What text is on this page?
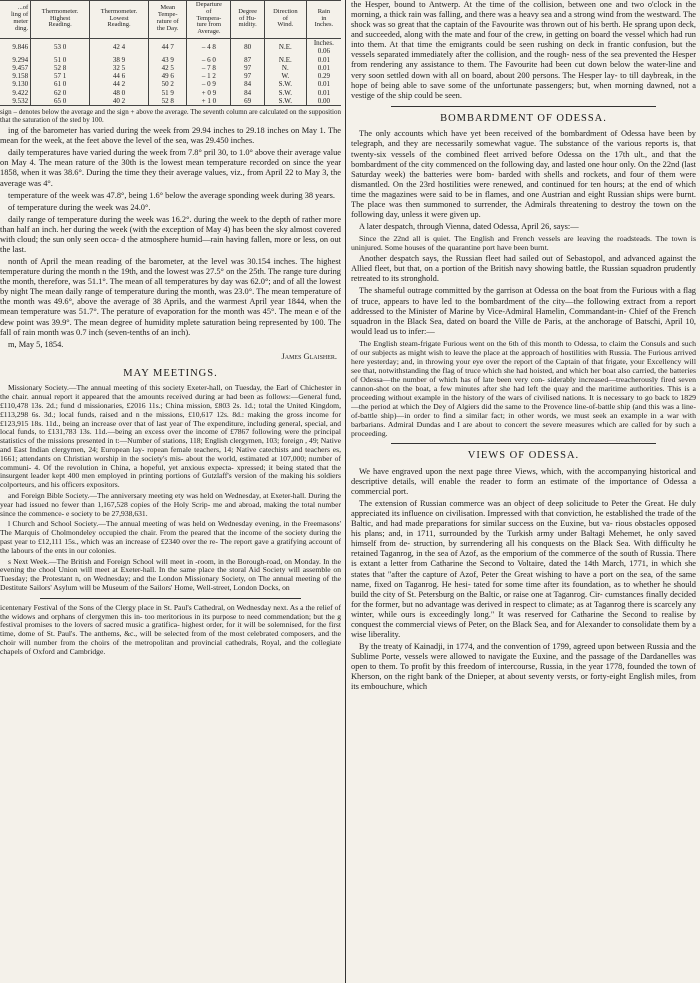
...of
ling of
meter
ding.	Thermometer.
Highest
Reading.	Thermometer.
Lowest
Reading.	Mean
Tempe-
rature of
the Day.	Departure
of
Tempera-
ture from
Average.	Degree
of Hu-
midity.	Direction
of
Wind.	Rain
in
Inches.
9.846	53 0	42 4	44 7	– 4 8	80	N.E.	Inches.
0.06
9.294	51 0	38 9	43 9	– 6 0	87	N.E.	0.01
9.457	52 8	32 5	42 5	– 7 8	97	N.	0.01
9.158	57 1	44 6	49 6	– 1 2	97	W.	0.29
9.130	61 0	44 2	50 2	– 0 9	84	S.W.	0.01
9.422	62 0	48 0	51 9	+ 0 9	84	S.W.	0.01
9.532	65 0	40 2	52 8	+ 1 0	69	S.W.	0.00

sign – denotes below the average and the sign + above the average. The seventh column are calculated on the supposition that the saturation of the sted by 100.

ing of the barometer has varied during the week from 29.94 inches to 29.18 inches on May 1. The mean for the week, at the feet above the level of the sea, was 29.450 inches.

daily temperatures have varied during the week from 7.8° pril 30, to 1.0° above their average value on May 4. The mean rature of the 30th is the lowest mean temperature recorded on since the year 1858, when it was 38.6°. During the time they their average values, viz., from April 22 to May 3, the average was 4°.

temperature of the week was 47.8°, being 1.6° below the average sponding week during 38 years.

of temperature during the week was 24.0°.

daily range of temperature during the week was 16.2°. during the week to the depth of rather more than half an inch. her during the week (with the exception of May 4) has been the sky almost covered with cloud; the sun only seen occa- d the atmosphere humid—rain having fallen, more or less, on out the last.

nonth of April the mean reading of the barometer, at the level was 30.154 inches. The highest temperature during the month n the 19th, and the lowest was 27.5° on the 25th. The range ture during the month, therefore, was 51.1°. The mean of all temperatures by day was 62.0°; and of all the lowest by night The mean daily range of temperature during the month, was 23.0°. The mean temperature of the month was 49.6°, above the average of 38 Aprils, and the warmest April year 1844, when the mean temperature was 51.7°. The perature of evaporation for the month was 45°. The mean e of the dew point was 39.9°. The mean degree of humidity mplete saturation being represented by 100. The fall of rain month was 0.7 inch (seven-tenths of an inch).

m, May 5, 1854.

James Glaisher.

MAY MEETINGS.

Missionary Society.—The annual meeting of this society Exeter-hall, on Tuesday, the Earl of Chichester in the chair. annual report it appeared that the amounts received during ar had been as follows:—General fund, £110,478 13s. 2d.; fund d missionaries, £2016 11s.; China mission, £803 2s. 1d.; total the United Kingdom, £113,298 6s. 3d.; local funds, raised and n the missions, £10,617 12s. 8d.: making the gross income for £123,915 18s. 11d., being an increase over that of last year of The expenditure, including general, special, and local funds, to £131,783 13s. 11d.—being an excess over the income of £7867 following were the principal statistics of the missions presented in t:—Number of stations, 118; English clergymen, 103; foreign , 49; Native and East Indian clergymen, 24; European lay- ropean female teachers, 14; Native catechists and teachers es, 1661; attendants on Christian worship in the society's mis- about the world, estimated at 107,000; number of communi- 4. Of the revolution in China, a hopeful, yet anxious expecta- xpressed; it being stated that the insurgent leader kept 400 men employed in printing portions of Gutzlaff's version of the making his soldiers colporteurs, and his officers expositors.

and Foreign Bible Society.—The anniversary meeting ety was held on Wednesday, at Exeter-hall. During the year had issued no fewer than 1,167,528 copies of the Holy Scrip- me and abroad, making the total number since the commence- e society to be 27,938,631.

l Church and School Society.—The annual meeting of was held on Wednesday evening, in the Freemasons' The Marquis of Cholmondeley occupied the chair. From the peared that the income of the society during the past year to £12,111 15s., which was an increase of £2340 over the re- The report gave a gratifying account of the labours of the ents in our colonies.

s Next Week.—The British and Foreign School will meet in -room, in the Borough-road, on Monday. In the evening the chool Union will meet at Exeter-hall. In the same place the storal Aid Society will assemble on Tuesday; the Protestant n, on Wednesday; and the London Missionary Society, on The annual meeting of the Destitute Sailors' Asylum will be Museum of the Sailors' Home, Well-street, London Docks, on

icentenary Festival of the Sons of the Clergy place in St. Paul's Cathedral, on Wednesday next. As a the relief of the widows and orphans of clergymen this in- too meritorious in its purpose to need commendation; but the g festival promises to the lovers of sacred music a gratifica- highest order, for it will be solemnised, for the first time, dome of St. Paul's. The anthems, &c., will be selected from of the most celebrated composers, and the choir will number from the choirs of the metropolitan and provincial cathedrals, Royal, and the collegiate chapels of Oxford and Cambridge.

the Hesper, bound to Antwerp. At the time of the collision, between one and two o'clock in the morning, a thick rain was falling, and there was a heavy sea and a strong wind from the westward. The shock was so great that the captain of the Favourite was thrown out of his berth. He sprang upon deck, and succeeded, along with the mate and four of the crew, in getting on board the vessel which had run into them. At that time the emigrants could be seen rushing on deck in frantic confusion, but the vessels separated immediately after the collision, and the rough- ness of the sea prevented the Hesper from rendering any assistance to them. The Favourite had been cut down below the water-line and very soon settled down with all on board, about 200 persons. The Hesper lay- to till daybreak, in the hope of being able to save some of the unfortunate passengers; but, when morning dawned, not a vestige of the ship could be seen.

BOMBARDMENT OF ODESSA.

The only accounts which have yet been received of the bombardment of Odessa have been by telegraph, and they are necessarily somewhat vague. The substance of the various reports is, that twenty-six vessels of the combined fleet arrived before Odessa on the 17th ult., and that the bombardment of the city commenced on the following day, and lasted one hour only. On the 22nd (last Saturday week) the batteries were bom- barded with shells and rockets, and four of them were dismantled. On the 23rd hostilities were renewed, and continued for ten hours; at the end of which time the magazines were said to be in flames, and one Austrian and eight Russian ships were burnt. The place was then summoned to surrender, the Admirals threatening to destroy the town on the following day, unless it were given up.

A later despatch, through Vienna, dated Odessa, April 26, says:—

Since the 22nd all is quiet. The English and French vessels are leaving the roadsteads. The town is uninjured. Some houses of the quarantine port have been burnt.

Another despatch says, the Russian fleet had sailed out of Sebastopol, and advanced against the Allied fleet, but that, on a portion of the British navy showing battle, the Russian squadron prudently retreated to its stronghold.

The shameful outrage committed by the garrison at Odessa on the boat from the Furious with a flag of truce, appears to have led to the bombardment of the city—the following extract from a report addressed to the Minister of Marine by Vice-Admiral Hamelin, Commandant-in- Chief of the French squadron in the Black Sea, dated on board the Ville de Paris, at the anchorage of Batschi, April 10, would lead us to infer:—

The English steam-frigate Furious went on the 6th of this month to Odessa, to claim the Consuls and such of our subjects as might wish to leave the place at the approach of hostilities with Russia. The Furious arrived here yesterday; and, in throwing your eye over the report of the Captain of that frigate, your Excellency will see that, notwithstanding the flag of truce which she had hoisted, and which her boat also carried, the batteries of Odessa—the number of which has of late been very con- siderably increased—treacherously fired seven cannon-shot on the boat, a few minutes after she had left the quay and the maritime authorities. This is a proceeding without example in the history of the wars of civilised nations. It is necessary to go back to 1829—the period at which the Dey of Algiers did the same to the Provence line-of-battle ship (and this was a line-of-battle ship)—in order to find a similar fact; in other words, we must seek an example in a war with barbarians. Admiral Dundas and I are about to concert the severe measures which are called for by such a proceeding.

VIEWS OF ODESSA.

We have engraved upon the next page three Views, which, with the accompanying historical and descriptive details, will enable the reader to form an estimate of the importance of Odessa a commercial port.

The extension of Russian commerce was an object of deep solicitude to Peter the Great. He duly appreciated its influence on civilisation. Impressed with that conviction, he established the trade of the Baltic, and had made preparations for similar success on the Euxine, but va- rious obstacles opposed his plans; and, in 1711, surrounded by the Turkish army under Baltagi Mehemet, he only saved himself from de- struction, by surrendering all his conquests on the Black Sea. With difficulty he retained Taganrog, in the sea of Azof, as the emporium of the commerce of the south of Russia. There is extant a letter from Catharine the Second to Voltaire, dated the 14th March, 1771, in which she states that "after the capture of Azof, Peter the Great wishing to have a port on the sea, of the same name, fixed on Taganrog. He hesi- tated for some time after its foundation, as to whether he should build the city of St. Petersburg on the Baltic, or raise one at Taganrog. Cir- cumstances finally decided for the former, but no advantage was derived in respect to climate; as at Taganrog there is scarcely any winter, while ours is exceedingly long." It was reserved for Catharine the Second to realise by conquest the commercial views of Peter, on the Black Sea, and for Alexander to consolidate them by a wise liberality.

By the treaty of Kainadji, in 1774, and the convention of 1799, agreed upon between Russia and the Sublime Porte, vessels were allowed to navigate the Euxine, and the passage of the Dardanelles was open to them. To profit by this freedom of intercourse, Russia, in the year 1778, founded the town of Kherson, on the right bank of the Dnieper, at about seventy versts, or forty-eight English miles, from its embouchure, which
